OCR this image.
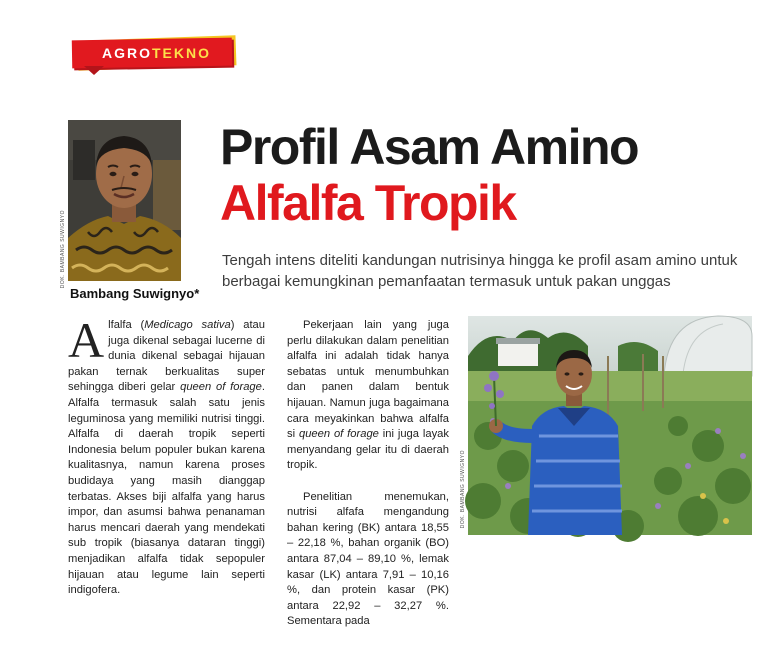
AGROTEKNO
DOK. BAMBANG SUWIGNYO
Bambang Suwignyo*
Profil Asam Amino
Alfalfa Tropik

Tengah intens diteliti kandungan nutrisinya hingga ke profil asam amino untuk berbagai kemungkinan pemanfaatan termasuk untuk pakan unggas

Alfalfa (Medicago sativa) atau juga dikenal sebagai lucerne di dunia dikenal sebagai hijauan pakan ternak berkualitas super sehingga diberi gelar queen of forage. Alfalfa termasuk salah satu jenis leguminosa yang memiliki nutrisi tinggi. Alfalfa di daerah tropik seperti Indonesia belum populer bukan karena kualitasnya, namun karena proses budidaya yang masih dianggap terbatas. Akses biji alfalfa yang harus impor, dan asumsi bahwa penanaman harus mencari daerah yang mendekati sub tropik (biasanya dataran tinggi) menjadikan alfalfa tidak sepopuler hijauan atau legume lain seperti indigofera.

Pekerjaan lain yang juga perlu dilakukan dalam penelitian alfalfa ini adalah tidak hanya sebatas untuk menumbuhkan dan panen dalam bentuk hijauan. Namun juga bagaimana cara meyakinkan bahwa alfalfa si queen of forage ini juga layak menyandang gelar itu di daerah tropik.

Penelitian menemukan, nutrisi alfafa mengandung bahan kering (BK) antara 18,55 – 22,18 %, bahan organik (BO) antara 87,04 – 89,10 %, lemak kasar (LK) antara 7,91 – 10,16 %, dan protein kasar (PK) antara 22,92 – 32,27 %. Sementara pada

DOK. BAMBANG SUWIGNYO
